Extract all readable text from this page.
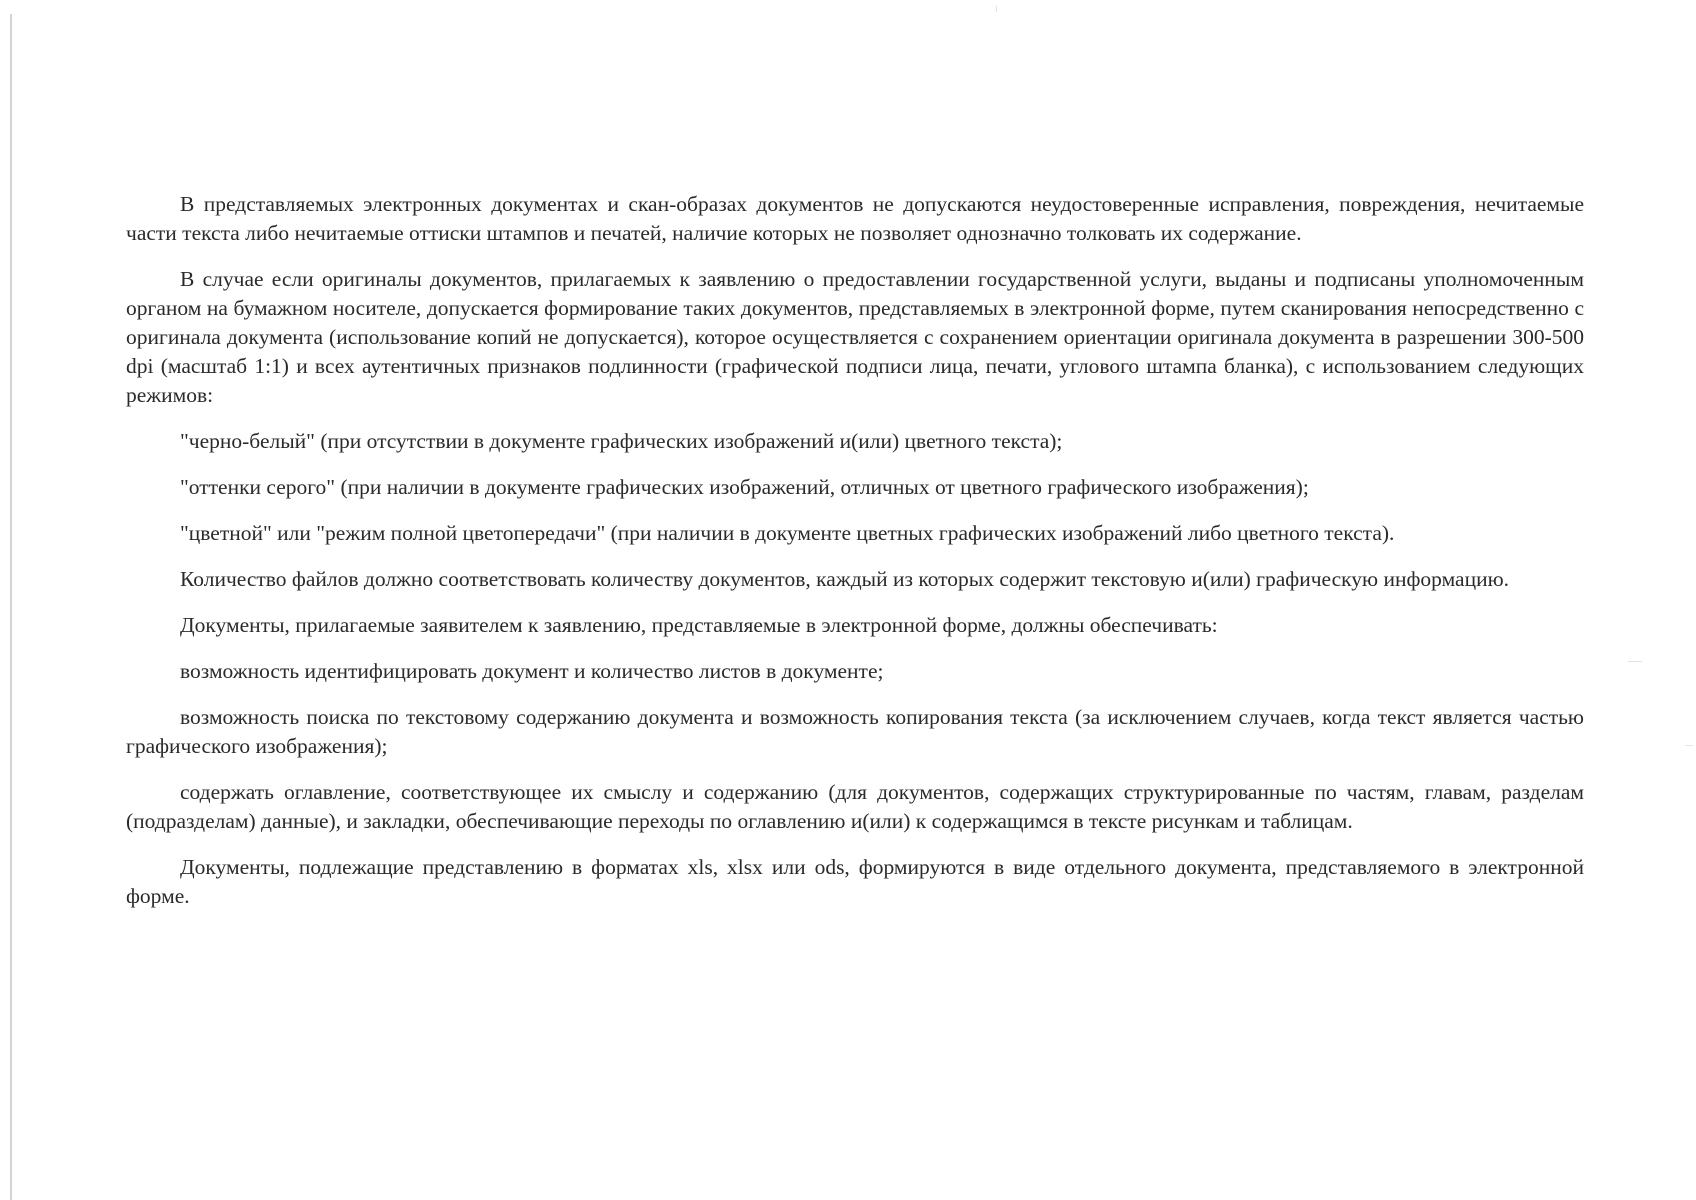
В представляемых электронных документах и скан-образах документов не допускаются неудостоверенные исправления, повреждения, нечитаемые части текста либо нечитаемые оттиски штампов и печатей, наличие которых не позволяет однозначно толковать их содержание.

В случае если оригиналы документов, прилагаемых к заявлению о предоставлении государственной услуги, выданы и подписаны уполномоченным органом на бумажном носителе, допускается формирование таких документов, представляемых в электронной форме, путем сканирования непосредственно с оригинала документа (использование копий не допускается), которое осуществляется с сохранением ориентации оригинала документа в разрешении 300-500 dpi (масштаб 1:1) и всех аутентичных признаков подлинности (графической подписи лица, печати, углового штампа бланка), с использованием следующих режимов:

"черно-белый" (при отсутствии в документе графических изображений и(или) цветного текста);

"оттенки серого" (при наличии в документе графических изображений, отличных от цветного графического изображения);

"цветной" или "режим полной цветопередачи" (при наличии в документе цветных графических изображений либо цветного текста).

Количество файлов должно соответствовать количеству документов, каждый из которых содержит текстовую и(или) графическую информацию.

Документы, прилагаемые заявителем к заявлению, представляемые в электронной форме, должны обеспечивать:

возможность идентифицировать документ и количество листов в документе;

возможность поиска по текстовому содержанию документа и возможность копирования текста (за исключением случаев, когда текст является частью графического изображения);

содержать оглавление, соответствующее их смыслу и содержанию (для документов, содержащих структурированные по частям, главам, разделам (подразделам) данные), и закладки, обеспечивающие переходы по оглавлению и(или) к содержащимся в тексте рисункам и таблицам.

Документы, подлежащие представлению в форматах xls, xlsx или ods, формируются в виде отдельного документа, представляемого в электронной форме.
